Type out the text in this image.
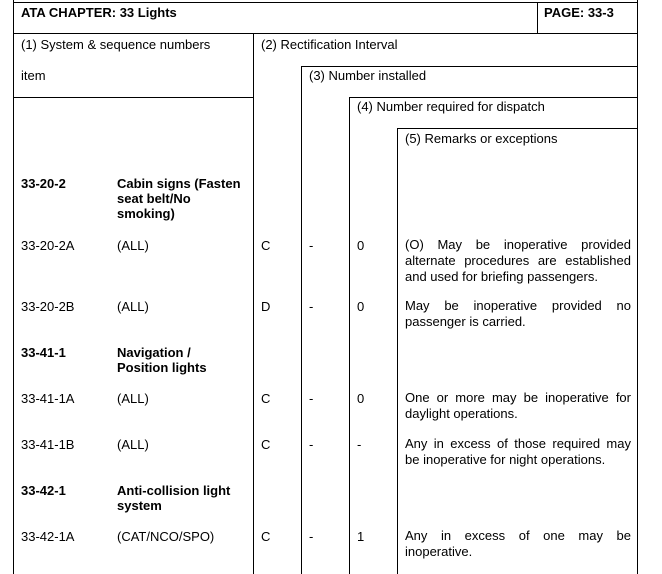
ATA CHAPTER: 33 Lights	PAGE: 33-3
(1) System & sequence numbers
item
(2) Rectification Interval
(3) Number installed
(4) Number required for dispatch
(5) Remarks or exceptions
33-20-2	Cabin signs (Fasten seat belt/No smoking)
33-20-2A	(ALL)	C	-	0	(O) May be inoperative provided alternate procedures are established and used for briefing passengers.
33-20-2B	(ALL)	D	-	0	May be inoperative provided no passenger is carried.
33-41-1	Navigation / Position lights
33-41-1A	(ALL)	C	-	0	One or more may be inoperative for daylight operations.
33-41-1B	(ALL)	C	-	-	Any in excess of those required may be inoperative for night operations.
33-42-1	Anti-collision light system
33-42-1A	(CAT/NCO/SPO)	C	-	1	Any in excess of one may be inoperative.
